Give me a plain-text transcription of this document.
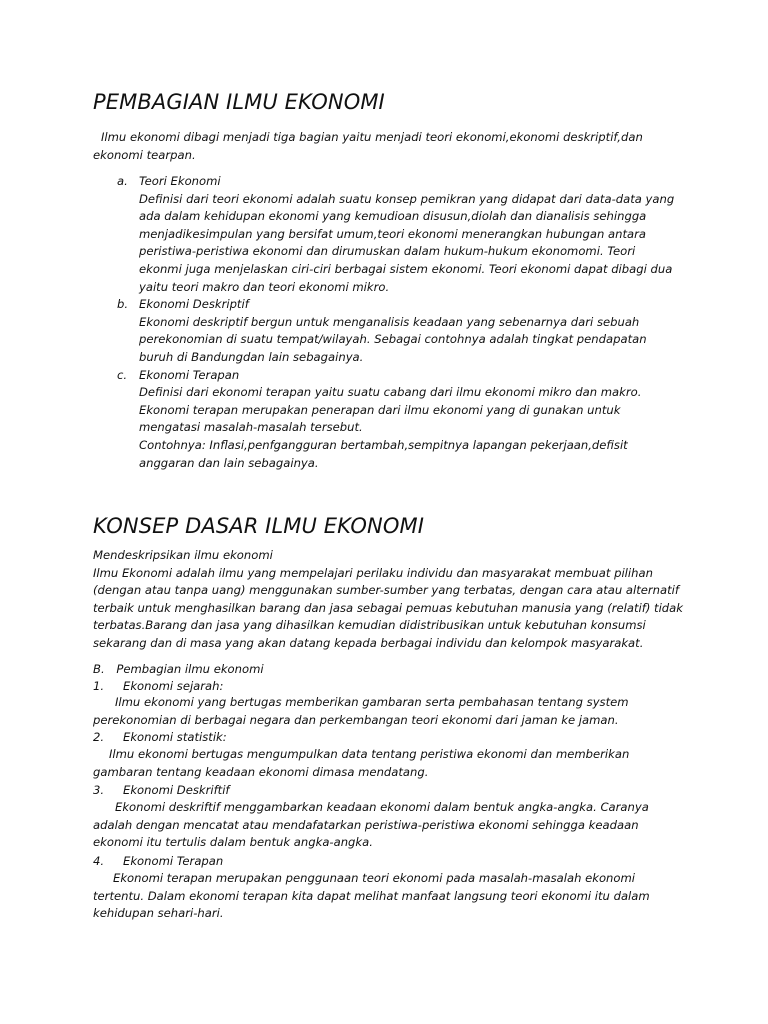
PEMBAGIAN ILMU EKONOMI
Ilmu ekonomi dibagi menjadi tiga bagian yaitu menjadi teori ekonomi,ekonomi deskriptif,dan
ekonomi tearpan.
a. Teori Ekonomi
Definisi dari teori ekonomi adalah suatu konsep pemikran yang didapat dari data-data yang
ada dalam kehidupan ekonomi yang kemudioan disusun,diolah dan dianalisis sehingga
menjadikesimpulan yang bersifat umum,teori ekonomi menerangkan hubungan antara
peristiwa-peristiwa ekonomi dan dirumuskan dalam hukum-hukum ekonomomi. Teori
ekonmi juga menjelaskan ciri-ciri berbagai sistem ekonomi. Teori ekonomi dapat dibagi dua
yaitu teori makro dan teori ekonomi mikro.
b. Ekonomi Deskriptif
Ekonomi deskriptif bergun untuk menganalisis keadaan yang sebenarnya dari sebuah
perekonomian di suatu tempat/wilayah. Sebagai contohnya adalah tingkat pendapatan
buruh di Bandungdan lain sebagainya.
c. Ekonomi Terapan
Definisi dari ekonomi terapan yaitu suatu cabang dari ilmu ekonomi mikro dan makro.
Ekonomi terapan merupakan penerapan dari ilmu ekonomi yang di gunakan untuk
mengatasi masalah-masalah tersebut.
Contohnya: Inflasi,penfgangguran bertambah,sempitnya lapangan pekerjaan,defisit
anggaran dan lain sebagainya.
KONSEP DASAR ILMU EKONOMI
Mendeskripsikan ilmu ekonomi
Ilmu Ekonomi adalah ilmu yang mempelajari perilaku individu dan masyarakat membuat pilihan
(dengan atau tanpa uang) menggunakan sumber-sumber yang terbatas, dengan cara atau alternatif
terbaik untuk menghasilkan barang dan jasa sebagai pemuas kebutuhan manusia yang (relatif) tidak
terbatas.Barang dan jasa yang dihasilkan kemudian didistribusikan untuk kebutuhan konsumsi
sekarang dan di masa yang akan datang kepada berbagai individu dan kelompok masyarakat.
B. Pembagian ilmu ekonomi
1. Ekonomi sejarah:
Ilmu ekonomi yang bertugas memberikan gambaran serta pembahasan tentang system
perekonomian di berbagai negara dan perkembangan teori ekonomi dari jaman ke jaman.
2. Ekonomi statistik:
Ilmu ekonomi bertugas mengumpulkan data tentang peristiwa ekonomi dan memberikan
gambaran tentang keadaan ekonomi dimasa mendatang.
3. Ekonomi Deskriftif
Ekonomi deskriftif menggambarkan keadaan ekonomi dalam bentuk angka-angka. Caranya
adalah dengan mencatat atau mendafatarkan peristiwa-peristiwa ekonomi sehingga keadaan
ekonomi itu tertulis dalam bentuk angka-angka.
4. Ekonomi Terapan
Ekonomi terapan merupakan penggunaan teori ekonomi pada masalah-masalah ekonomi
tertentu. Dalam ekonomi terapan kita dapat melihat manfaat langsung teori ekonomi itu dalam
kehidupan sehari-hari.
